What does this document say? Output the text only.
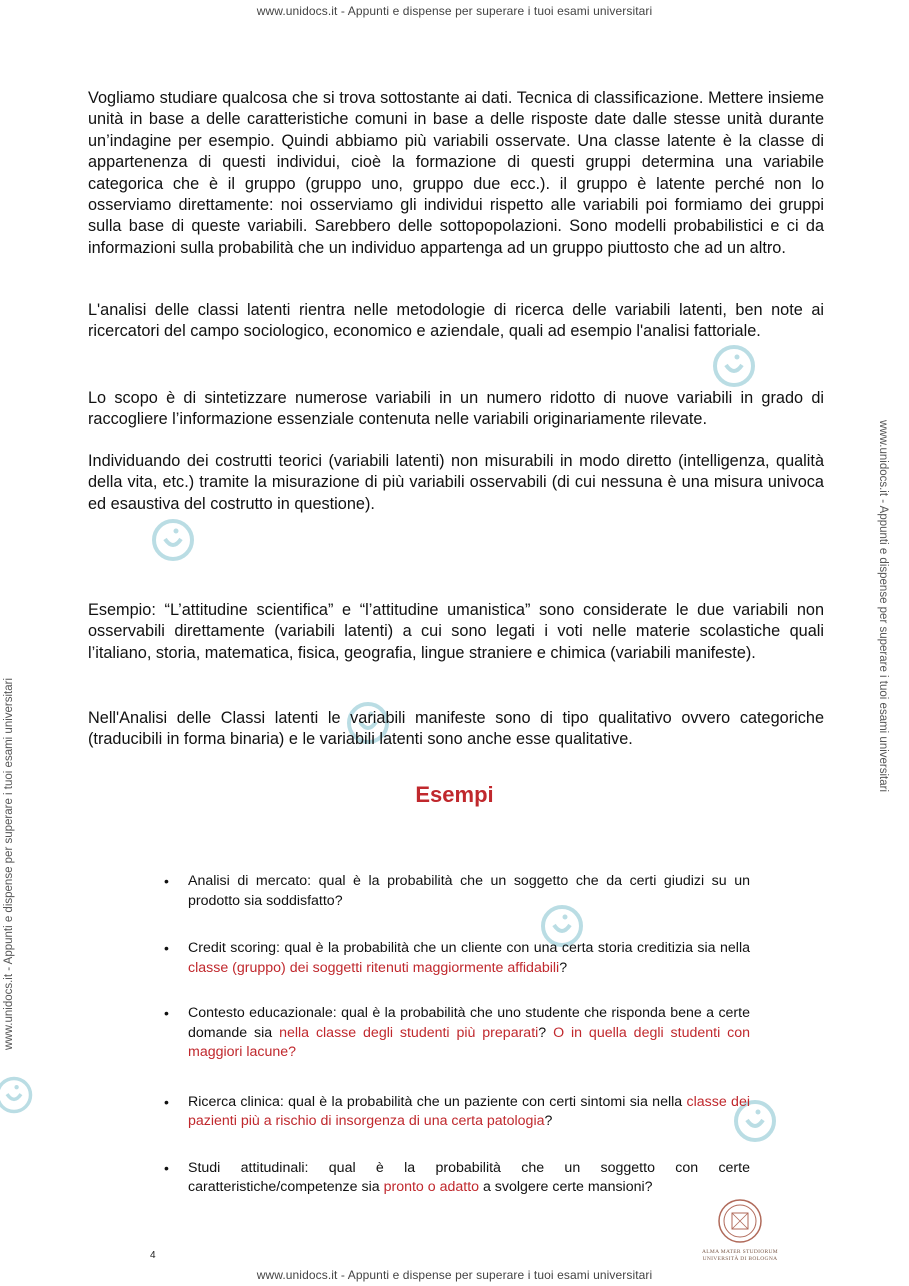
www.unidocs.it - Appunti e dispense per superare i tuoi esami universitari
www.unidocs.it - Appunti e dispense per superare i tuoi esami universitari
www.unidocs.it - Appunti e dispense per superare i tuoi esami universitari

Vogliamo studiare qualcosa che si trova sottostante ai dati. Tecnica di classificazione. Mettere insieme unità in base a delle caratteristiche comuni in base a delle risposte date dalle stesse unità durante un’indagine per esempio. Quindi abbiamo più variabili osservate. Una classe latente è la classe di appartenenza di questi individui, cioè la formazione di questi gruppi determina una variabile categorica che è il gruppo (gruppo uno, gruppo due ecc.). il gruppo è latente perché non lo osserviamo direttamente: noi osserviamo gli individui rispetto alle variabili poi formiamo dei gruppi sulla base di queste variabili. Sarebbero delle sottopopolazioni. Sono modelli probabilistici e ci da informazioni sulla probabilità che un individuo appartenga ad un gruppo piuttosto che ad un altro.

L'analisi delle classi latenti rientra nelle metodologie di ricerca delle variabili latenti, ben note ai ricercatori del campo sociologico, economico e aziendale, quali ad esempio l'analisi fattoriale.

Lo scopo è di sintetizzare numerose variabili in un numero ridotto di nuove variabili in grado di raccogliere l’informazione essenziale contenuta nelle variabili originariamente rilevate.

Individuando dei costrutti teorici (variabili latenti) non misurabili in modo diretto (intelligenza, qualità della vita, etc.) tramite la misurazione di più variabili osservabili (di cui nessuna è una misura univoca ed esaustiva del costrutto in questione).

Esempio: “L’attitudine scientifica” e “l’attitudine umanistica” sono considerate le due variabili non osservabili direttamente (variabili latenti) a cui sono legati i voti nelle materie scolastiche quali l’italiano, storia, matematica, fisica, geografia, lingue straniere e chimica (variabili manifeste).

Nell'Analisi delle Classi latenti le variabili manifeste sono di tipo qualitativo ovvero categoriche (traducibili in forma binaria) e le variabili latenti sono anche esse qualitative.

Esempi
• Analisi di mercato: qual è la probabilità che un soggetto che da certi giudizi su un prodotto sia soddisfatto?
• Credit scoring: qual è la probabilità che un cliente con una certa storia creditizia sia nella classe (gruppo) dei soggetti ritenuti maggiormente affidabili?
• Contesto educazionale: qual è la probabilità che uno studente che risponda bene a certe domande sia nella classe degli studenti più preparati? O in quella degli studenti con maggiori lacune?
• Ricerca clinica: qual è la probabilità che un paziente con certi sintomi sia nella classe dei pazienti più a rischio di insorgenza di una certa patologia?
• Studi attitudinali: qual è la probabilità che un soggetto con certe caratteristiche/competenze sia pronto o adatto a svolgere certe mansioni?
4	ALMA MATER STUDIORUM
UNIVERSITÀ DI BOLOGNA
www.unidocs.it - Appunti e dispense per superare i tuoi esami universitari
